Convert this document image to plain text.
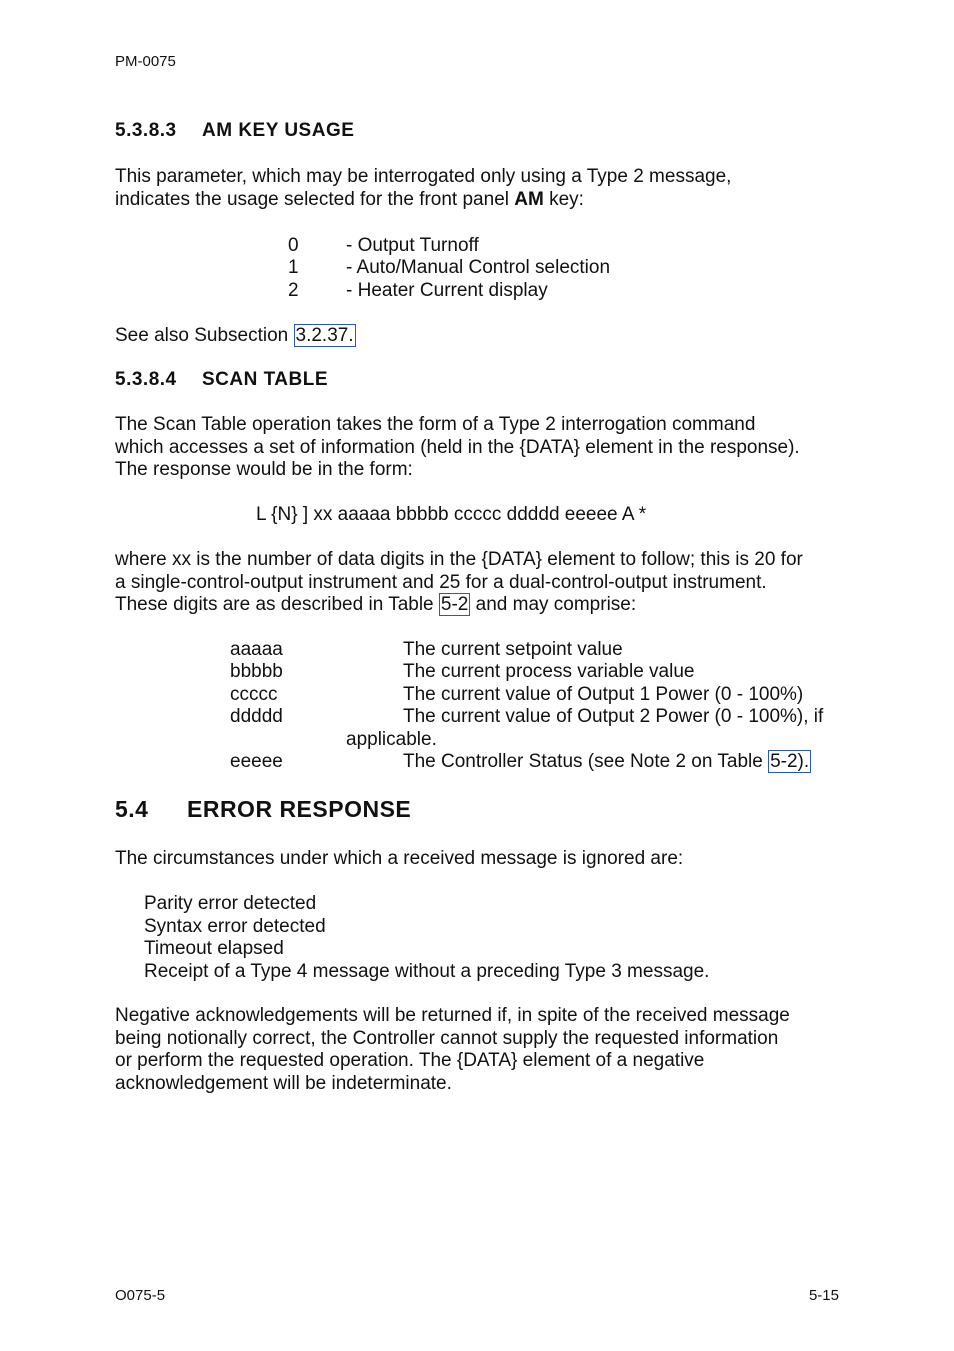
PM-0075
5.3.8.3 AM KEY USAGE
This parameter, which may be interrogated only using a Type 2 message,
indicates the usage selected for the front panel AM key:
0 - Output Turnoff
1 - Auto/Manual Control selection
2 - Heater Current display
See also Subsection 3.2.37.
5.3.8.4 SCAN TABLE
The Scan Table operation takes the form of a Type 2 interrogation command
which accesses a set of information (held in the {DATA} element in the response).
The response would be in the form:
L {N} ] xx aaaaa bbbbb ccccc ddddd eeeee A *
where xx is the number of data digits in the {DATA} element to follow; this is 20 for
a single-control-output instrument and 25 for a dual-control-output instrument.
These digits are as described in Table 5-2 and may comprise:
aaaaa	The current setpoint value
bbbbb	The current process variable value
ccccc	The current value of Output 1 Power (0 - 100%)
ddddd	The current value of Output 2 Power (0 - 100%), if
applicable.
eeeee	The Controller Status (see Note 2 on Table 5-2).
5.4 ERROR RESPONSE
The circumstances under which a received message is ignored are:
Parity error detected
Syntax error detected
Timeout elapsed
Receipt of a Type 4 message without a preceding Type 3 message.
Negative acknowledgements will be returned if, in spite of the received message
being notionally correct, the Controller cannot supply the requested information
or perform the requested operation. The {DATA} element of a negative
acknowledgement will be indeterminate.
O075-5	5-15
